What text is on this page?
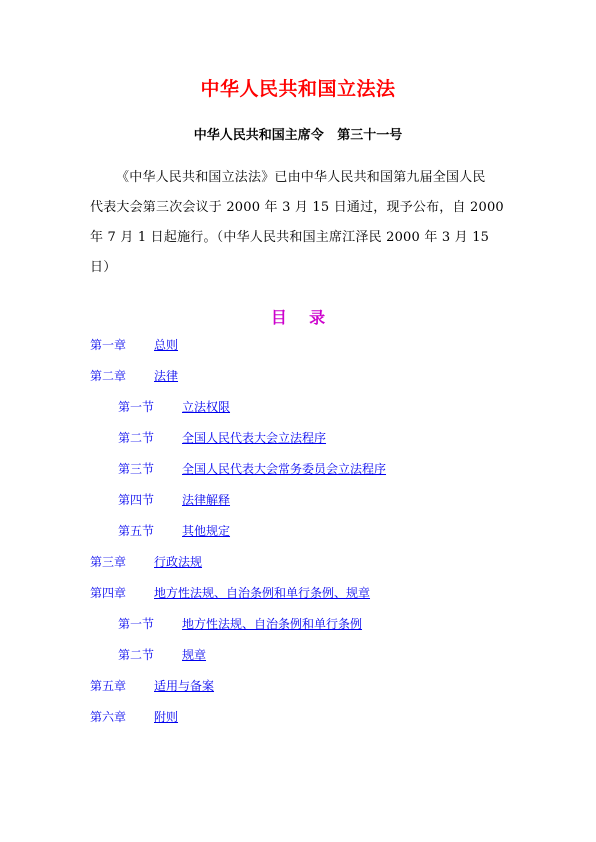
中华人民共和国立法法
中华人民共和国主席令   第三十一号
《中华人民共和国立法法》已由中华人民共和国第九届全国人民
代表大会第三次会议于 2000 年 3 月 15 日通过，现予公布，自 2000
年 7 月 1 日起施行。（中华人民共和国主席江泽民 2000 年 3 月 15
日）
目    录
第一章 总则
第二章 法律
第一节 立法权限
第二节 全国人民代表大会立法程序
第三节 全国人民代表大会常务委员会立法程序
第四节 法律解释
第五节 其他规定
第三章 行政法规
第四章 地方性法规、自治条例和单行条例、规章
第一节 地方性法规、自治条例和单行条例
第二节 规章
第五章 适用与备案
第六章 附则
